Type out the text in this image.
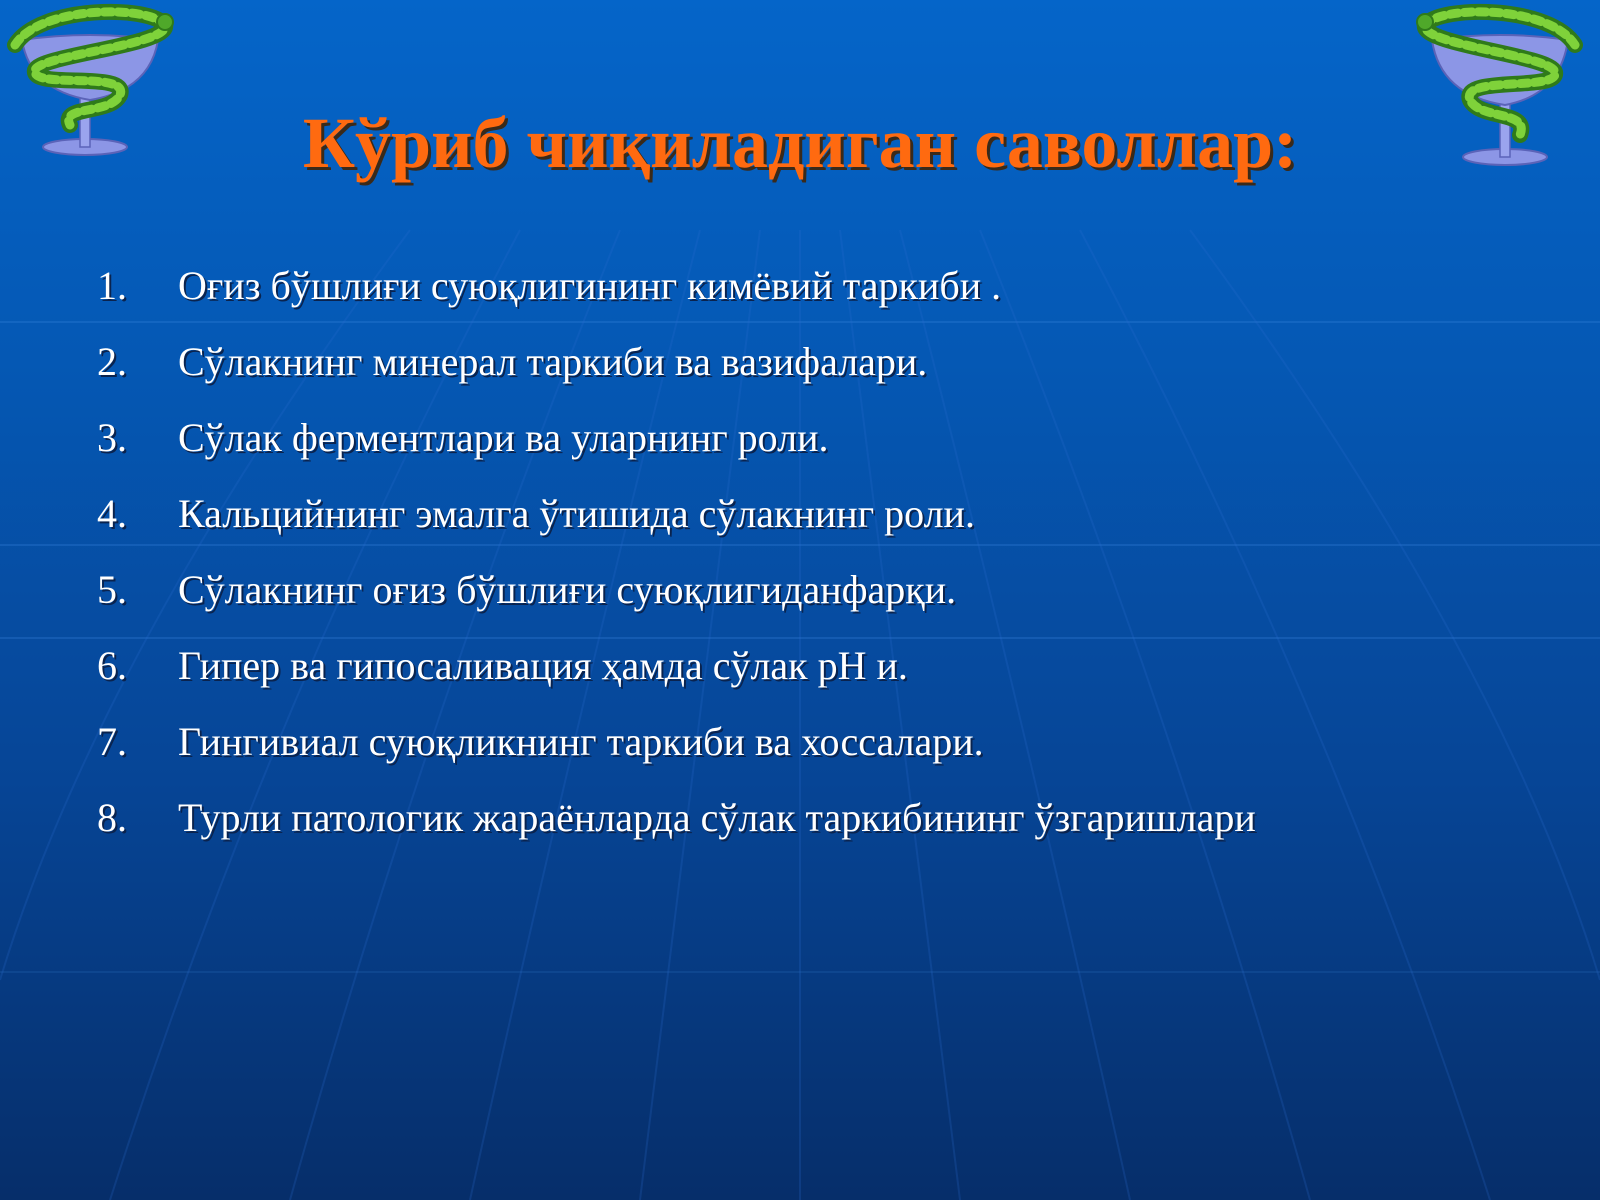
Кўриб чиқиладиган саволлар:
1. Оғиз бўшлиғи суюқлигининг кимёвий таркиби .
2. Сўлакнинг минерал таркиби ва вазифалари.
3. Сўлак ферментлари ва уларнинг роли.
4. Кальцийнинг эмалга ўтишида сўлакнинг роли.
5. Сўлакнинг оғиз бўшлиғи суюқлигиданфарқи.
6. Гипер ва гипосаливация ҳамда сўлак рН и.
7. Гингивиал суюқликнинг таркиби ва хоссалари.
8. Турли патологик жараёнларда сўлак таркибининг ўзгаришлари
